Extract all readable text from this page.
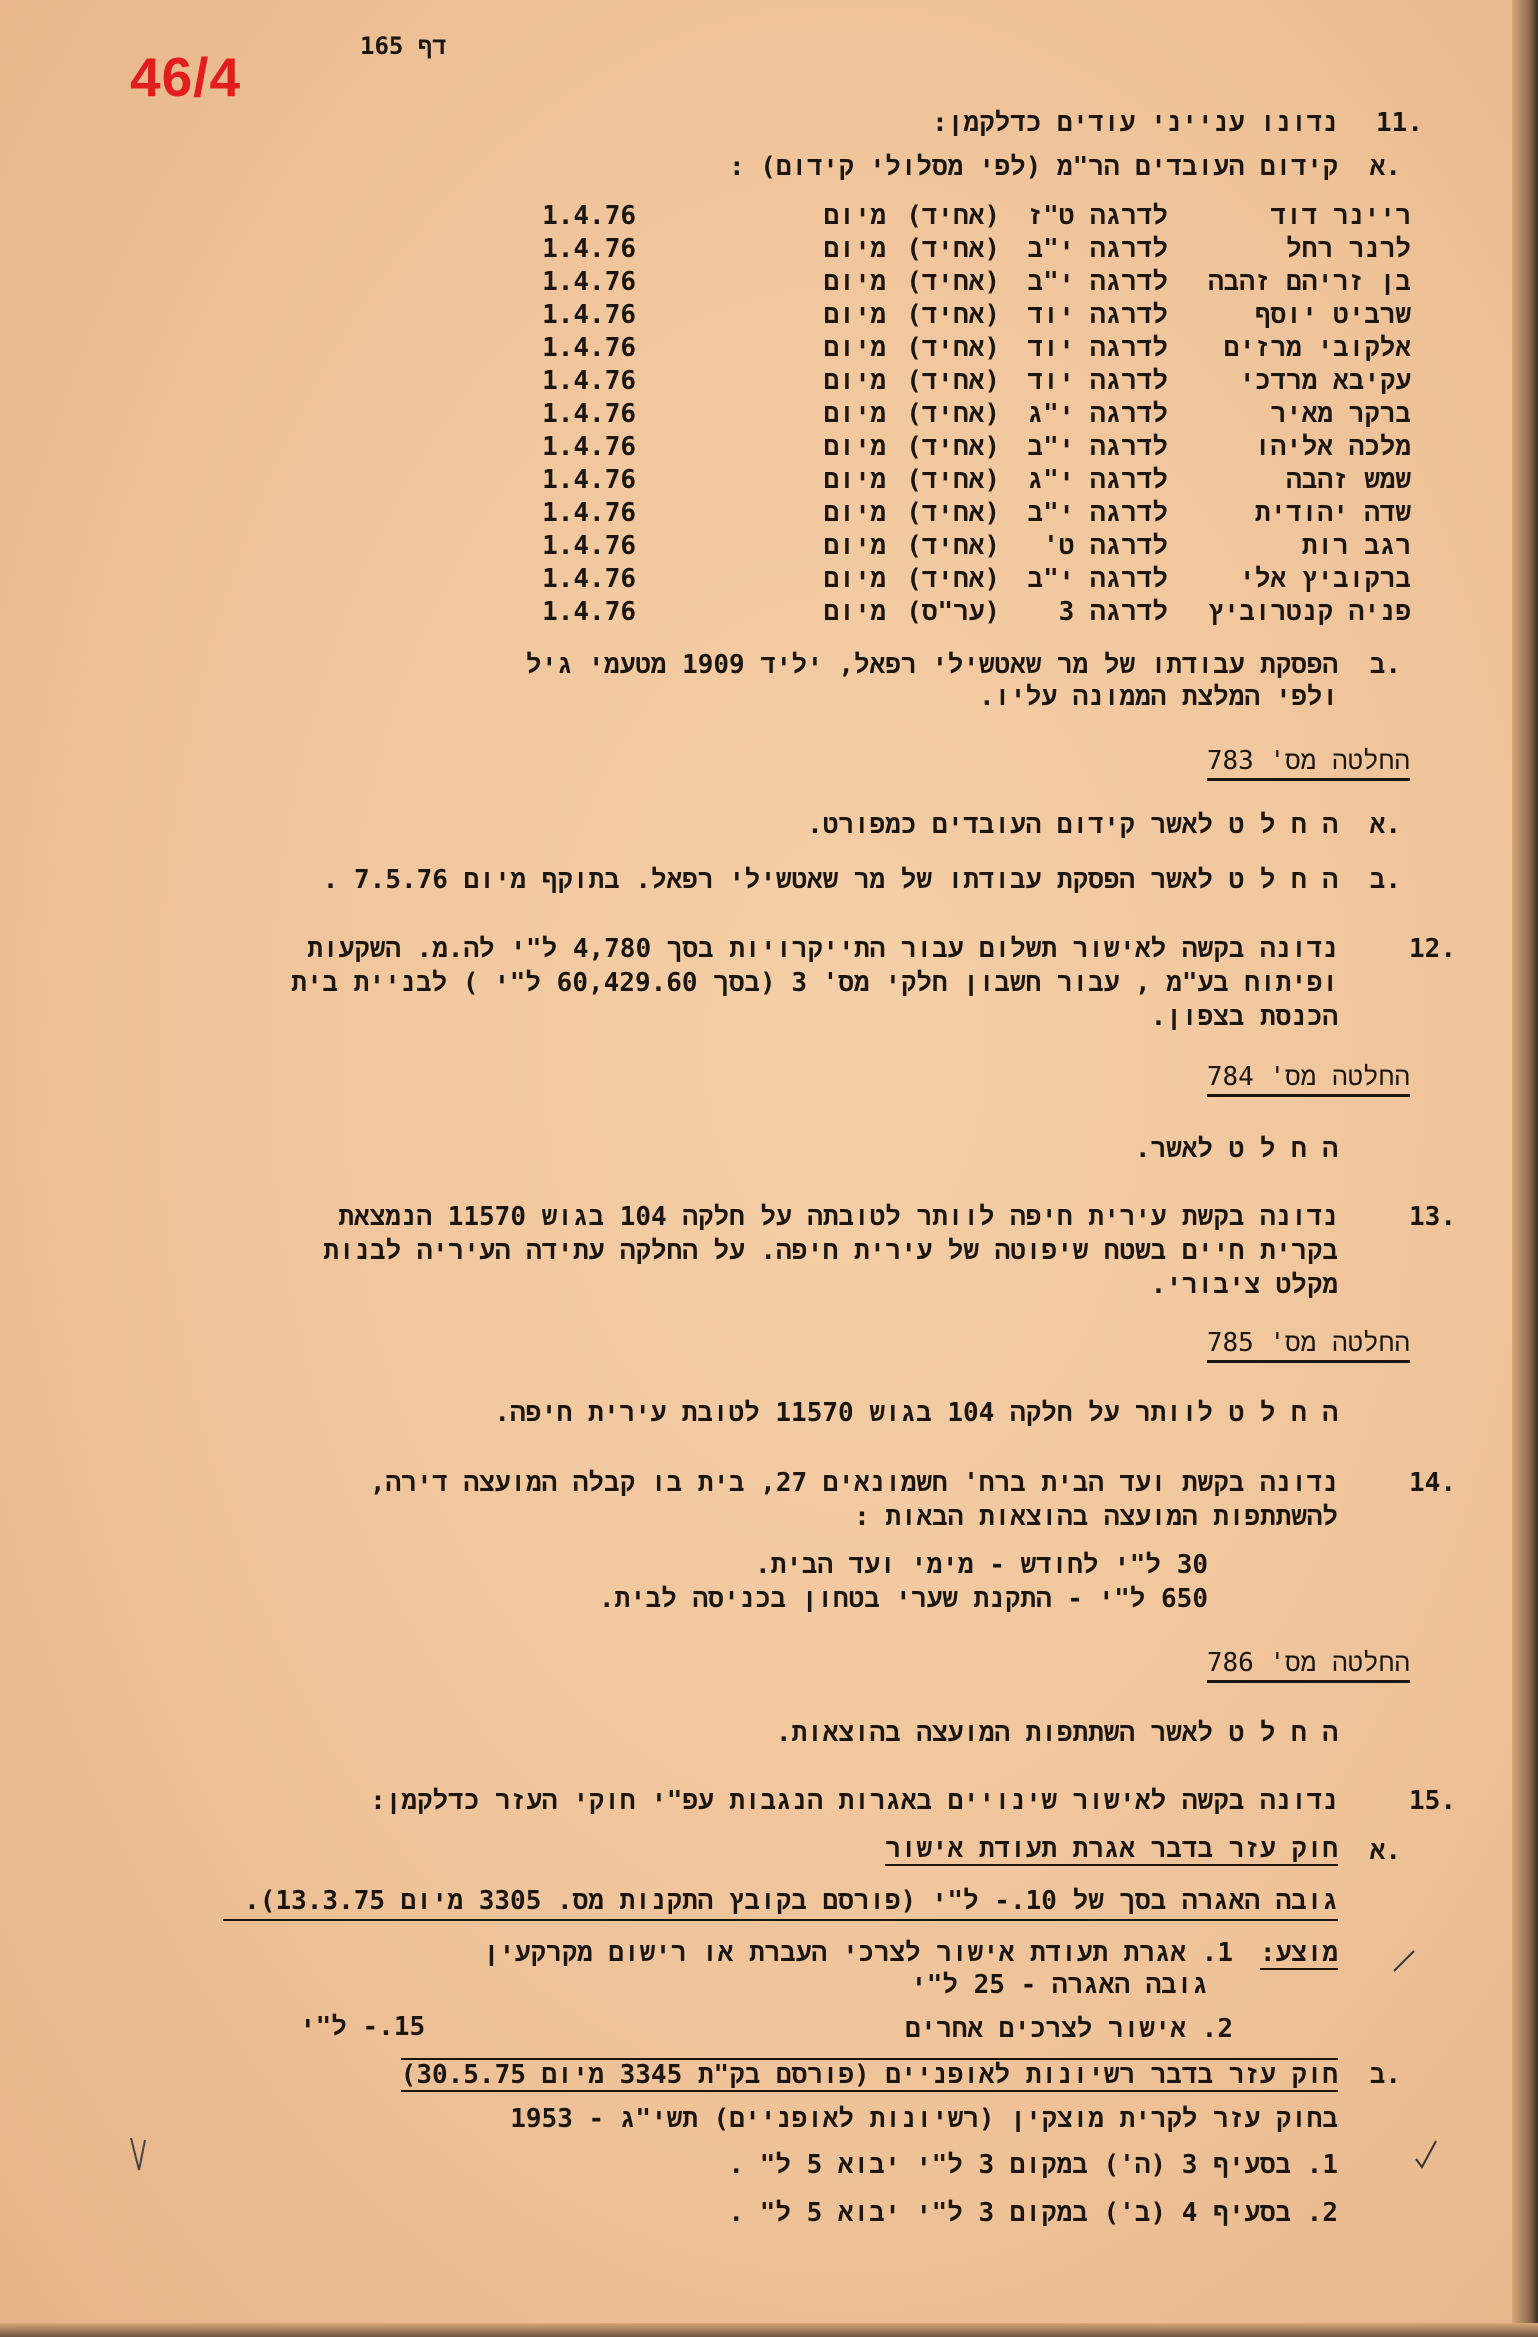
46/4	165 דף
11.
נדונו ענייני עודים כדלקמן:
א.
קידום העובדים הר"מ (לפי מסלולי קידום) :
ריינר דוד
לדרגה ט"ז
(אחיד)
מיום
1.4.76
לרנר רחל
לדרגה י"ב
(אחיד)
מיום
1.4.76
בן זריהם זהבה
לדרגה י"ב
(אחיד)
מיום
1.4.76
שרביט יוסף
לדרגה יוד
(אחיד)
מיום
1.4.76
אלקובי מרזים
לדרגה יוד
(אחיד)
מיום
1.4.76
עקיבא מרדכי
לדרגה יוד
(אחיד)
מיום
1.4.76
ברקר מאיר
לדרגה י"ג
(אחיד)
מיום
1.4.76
מלכה אליהו
לדרגה י"ב
(אחיד)
מיום
1.4.76
שמש זהבה
לדרגה י"ג
(אחיד)
מיום
1.4.76
שדה יהודית
לדרגה י"ב
(אחיד)
מיום
1.4.76
רגב רות
לדרגה ט'
(אחיד)
מיום
1.4.76
ברקוביץ אלי
לדרגה י"ב
(אחיד)
מיום
1.4.76
פניה קנטרוביץ
לדרגה 3
(ער"ס)
מיום
1.4.76
ב.
הפסקת עבודתו של מר שאטשילי רפאל, יליד 1909 מטעמי גיל
ולפי המלצת הממונה עליו.
החלטה מס' 783
א.
ה ח ל ט לאשר קידום העובדים כמפורט.
ב.
ה ח ל ט לאשר הפסקת עבודתו של מר שאטשילי רפאל. בתוקף מיום 7.5.76 .
12.
נדונה בקשה לאישור תשלום עבור התייקרויות בסך 4,780 ל"י לה.מ. השקעות
ופיתוח בע"מ , עבור חשבון חלקי מס' 3 (בסך 60,429.60 ל"י ) לבניית בית
הכנסת בצפון.
החלטה מס' 784
ה ח ל ט לאשר.
13.
נדונה בקשת עירית חיפה לוותר לטובתה על חלקה 104 בגוש 11570 הנמצאת
בקרית חיים בשטח שיפוטה של עירית חיפה. על החלקה עתידה העיריה לבנות
מקלט ציבורי.
החלטה מס' 785
ה ח ל ט לוותר על חלקה 104 בגוש 11570 לטובת עירית חיפה.
14.
נדונה בקשת ועד הבית ברח' חשמונאים 27, בית בו קבלה המועצה דירה,
להשתתפות המועצה בהוצאות הבאות :
30 ל"י לחודש - מימי ועד הבית.
650 ל"י - התקנת שערי בטחון בכניסה לבית.
החלטה מס' 786
ה ח ל ט לאשר השתתפות המועצה בהוצאות.
15.
נדונה בקשה לאישור שינויים באגרות הנגבות עפ"י חוקי העזר כדלקמן:
א.
חוק עזר בדבר אגרת תעודת אישור
גובה האגרה בסך של 10.- ל"י (פורסם בקובץ התקנות מס. 3305 מיום 13.3.75).
מוצע:
1. אגרת תעודת אישור לצרכי העברת או רישום מקרקעין
גובה האגרה - 25 ל"י
2. אישור לצרכים אחרים
15.- ל"י
ב.
חוק עזר בדבר רשיונות לאופניים (פורסם בק"ת 3345 מיום 30.5.75)
בחוק עזר לקרית מוצקין (רשיונות לאופניים) תשי"ג - 1953
1. בסעיף 3 (ה') במקום 3 ל"י יבוא 5 ל" .
2. בסעיף 4 (ב') במקום 3 ל"י יבוא 5 ל" .
